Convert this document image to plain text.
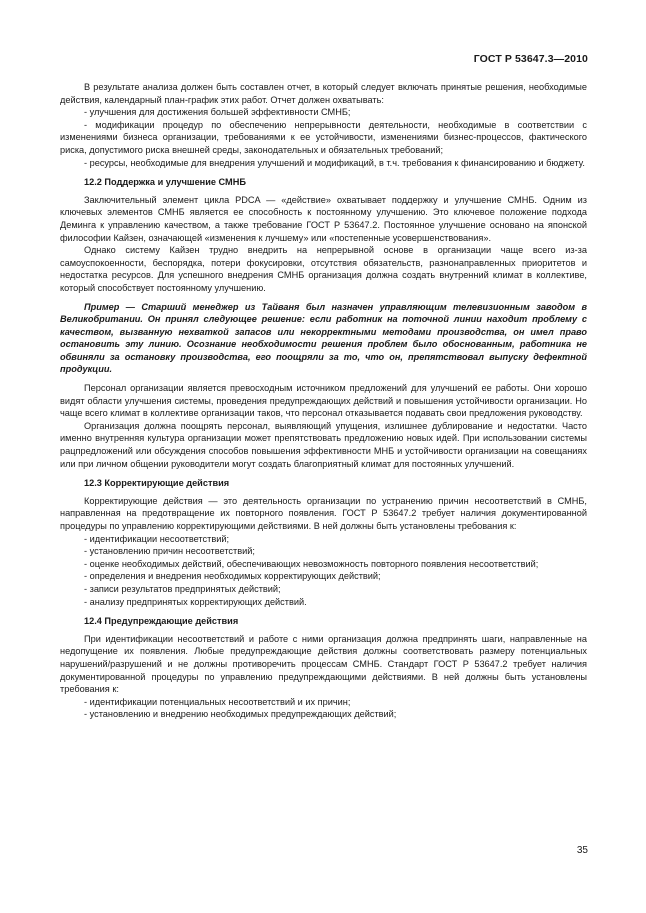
ГОСТ Р 53647.3—2010

В результате анализа должен быть составлен отчет, в который следует включать принятые решения, необходимые действия, календарный план-график этих работ. Отчет должен охватывать:

- улучшения для достижения большей эффективности СМНБ;

- модификации процедур по обеспечению непрерывности деятельности, необходимые в соответствии с изменениями бизнеса организации, требованиями к ее устойчивости, изменениями бизнес-процессов, фактического риска, допустимого риска внешней среды, законодательных и обязательных требований;

- ресурсы, необходимые для внедрения улучшений и модификаций, в т.ч. требования к финансированию и бюджету.

12.2 Поддержка и улучшение СМНБ

Заключительный элемент цикла PDCA — «действие» охватывает поддержку и улучшение СМНБ. Одним из ключевых элементов СМНБ является ее способность к постоянному улучшению. Это ключевое положение подхода Деминга к управлению качеством, а также требование ГОСТ Р 53647.2. Постоянное улучшение основано на японской философии Кайзен, означающей «изменения к лучшему» или «постепенные усовершенствования».

Однако систему Кайзен трудно внедрить на непрерывной основе в организации чаще всего из-за самоуспокоенности, беспорядка, потери фокусировки, отсутствия обязательств, разнонаправленных приоритетов и недостатка ресурсов. Для успешного внедрения СМНБ организация должна создать внутренний климат в коллективе, который способствует постоянному улучшению.

Пример — Старший менеджер из Тайваня был назначен управляющим телевизионным заводом в Великобритании. Он принял следующее решение: если работник на поточной линии находит проблему с качеством, вызванную нехваткой запасов или некорректными методами производства, он имел право остановить эту линию. Осознание необходимости решения проблем было обоснованным, работника не обвиняли за остановку производства, его поощряли за то, что он, препятствовал выпуску дефектной продукции.

Персонал организации является превосходным источником предложений для улучшений ее работы. Они хорошо видят области улучшения системы, проведения предупреждающих действий и повышения устойчивости организации. Но чаще всего климат в коллективе организации таков, что персонал отказывается подавать свои предложения руководству.

Организация должна поощрять персонал, выявляющий упущения, излишнее дублирование и недостатки. Часто именно внутренняя культура организации может препятствовать предложению новых идей. При использовании системы рацпредложений или обсуждения способов повышения эффективности МНБ и устойчивости организации на совещаниях или при личном общении руководители могут создать благоприятный климат для постоянных улучшений.

12.3 Корректирующие действия

Корректирующие действия — это деятельность организации по устранению причин несоответствий в СМНБ, направленная на предотвращение их повторного появления. ГОСТ Р 53647.2 требует наличия документированной процедуры по управлению корректирующими действиями. В ней должны быть установлены требования к:

- идентификации несоответствий;

- установлению причин несоответствий;

- оценке необходимых действий, обеспечивающих невозможность повторного появления несоответствий;

- определения и внедрения необходимых корректирующих действий;

- записи результатов предпринятых действий;

- анализу предпринятых корректирующих действий.

12.4 Предупреждающие действия

При идентификации несоответствий и работе с ними организация должна предпринять шаги, направленные на недопущение их появления. Любые предупреждающие действия должны соответствовать размеру потенциальных нарушений/разрушений и не должны противоречить процессам СМНБ. Стандарт ГОСТ Р 53647.2 требует наличия документированной процедуры по управлению предупреждающими действиями. В ней должны быть установлены требования к:

- идентификации потенциальных несоответствий и их причин;

- установлению и внедрению необходимых предупреждающих действий;

35
